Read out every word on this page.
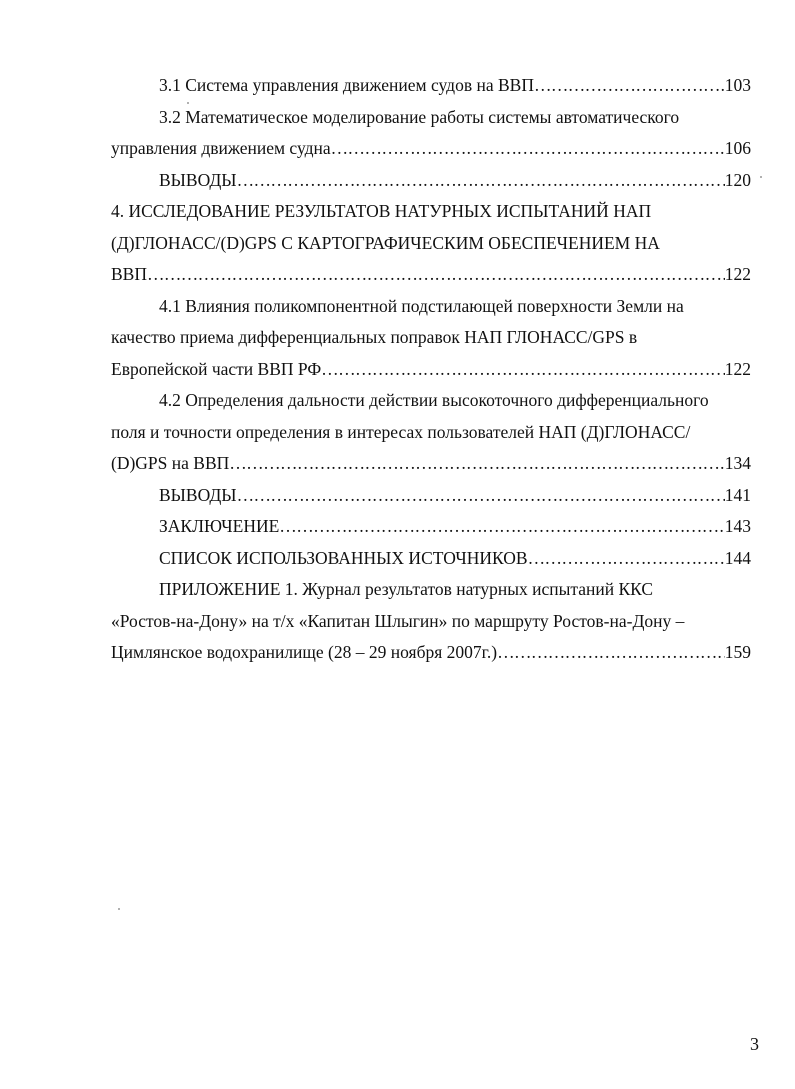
3.1 Система управления движением судов на ВВП ……………………………………………………………………………………………………………………………………………………………………………………………………	103
3.2 Математическое моделирование работы системы автоматического
управления движением судна ……………………………………………………………………………………………………………………………………………………………………………………………………	106
ВЫВОДЫ ……………………………………………………………………………………………………………………………………………………………………………………………………	120
4. ИССЛЕДОВАНИЕ РЕЗУЛЬТАТОВ НАТУРНЫХ ИСПЫТАНИЙ НАП
(Д)ГЛОНАСС/(D)GPS С КАРТОГРАФИЧЕСКИМ ОБЕСПЕЧЕНИЕМ НА
ВВП ……………………………………………………………………………………………………………………………………………………………………………………………………	122
4.1 Влияния поликомпонентной подстилающей поверхности Земли на
качество приема дифференциальных поправок НАП ГЛОНАСС/GPS в
Европейской части ВВП РФ ……………………………………………………………………………………………………………………………………………………………………………………………………	122
4.2 Определения дальности действии высокоточного дифференциального
поля и точности определения в интересах пользователей НАП (Д)ГЛОНАСС/
(D)GPS на ВВП ……………………………………………………………………………………………………………………………………………………………………………………………………	134
ВЫВОДЫ ……………………………………………………………………………………………………………………………………………………………………………………………………	141
ЗАКЛЮЧЕНИЕ ……………………………………………………………………………………………………………………………………………………………………………………………………	143
СПИСОК ИСПОЛЬЗОВАННЫХ ИСТОЧНИКОВ ……………………………………………………………………………………………………………………………………………………………………………………………………	144
ПРИЛОЖЕНИЕ 1. Журнал результатов натурных испытаний ККС
«Ростов-на-Дону» на т/х «Капитан Шлыгин» по маршруту Ростов-на-Дону –
Цимлянское водохранилище (28 – 29 ноября 2007г.) ……………………………………………………………………………………………………………………………………………………………………………………………………	159
3
